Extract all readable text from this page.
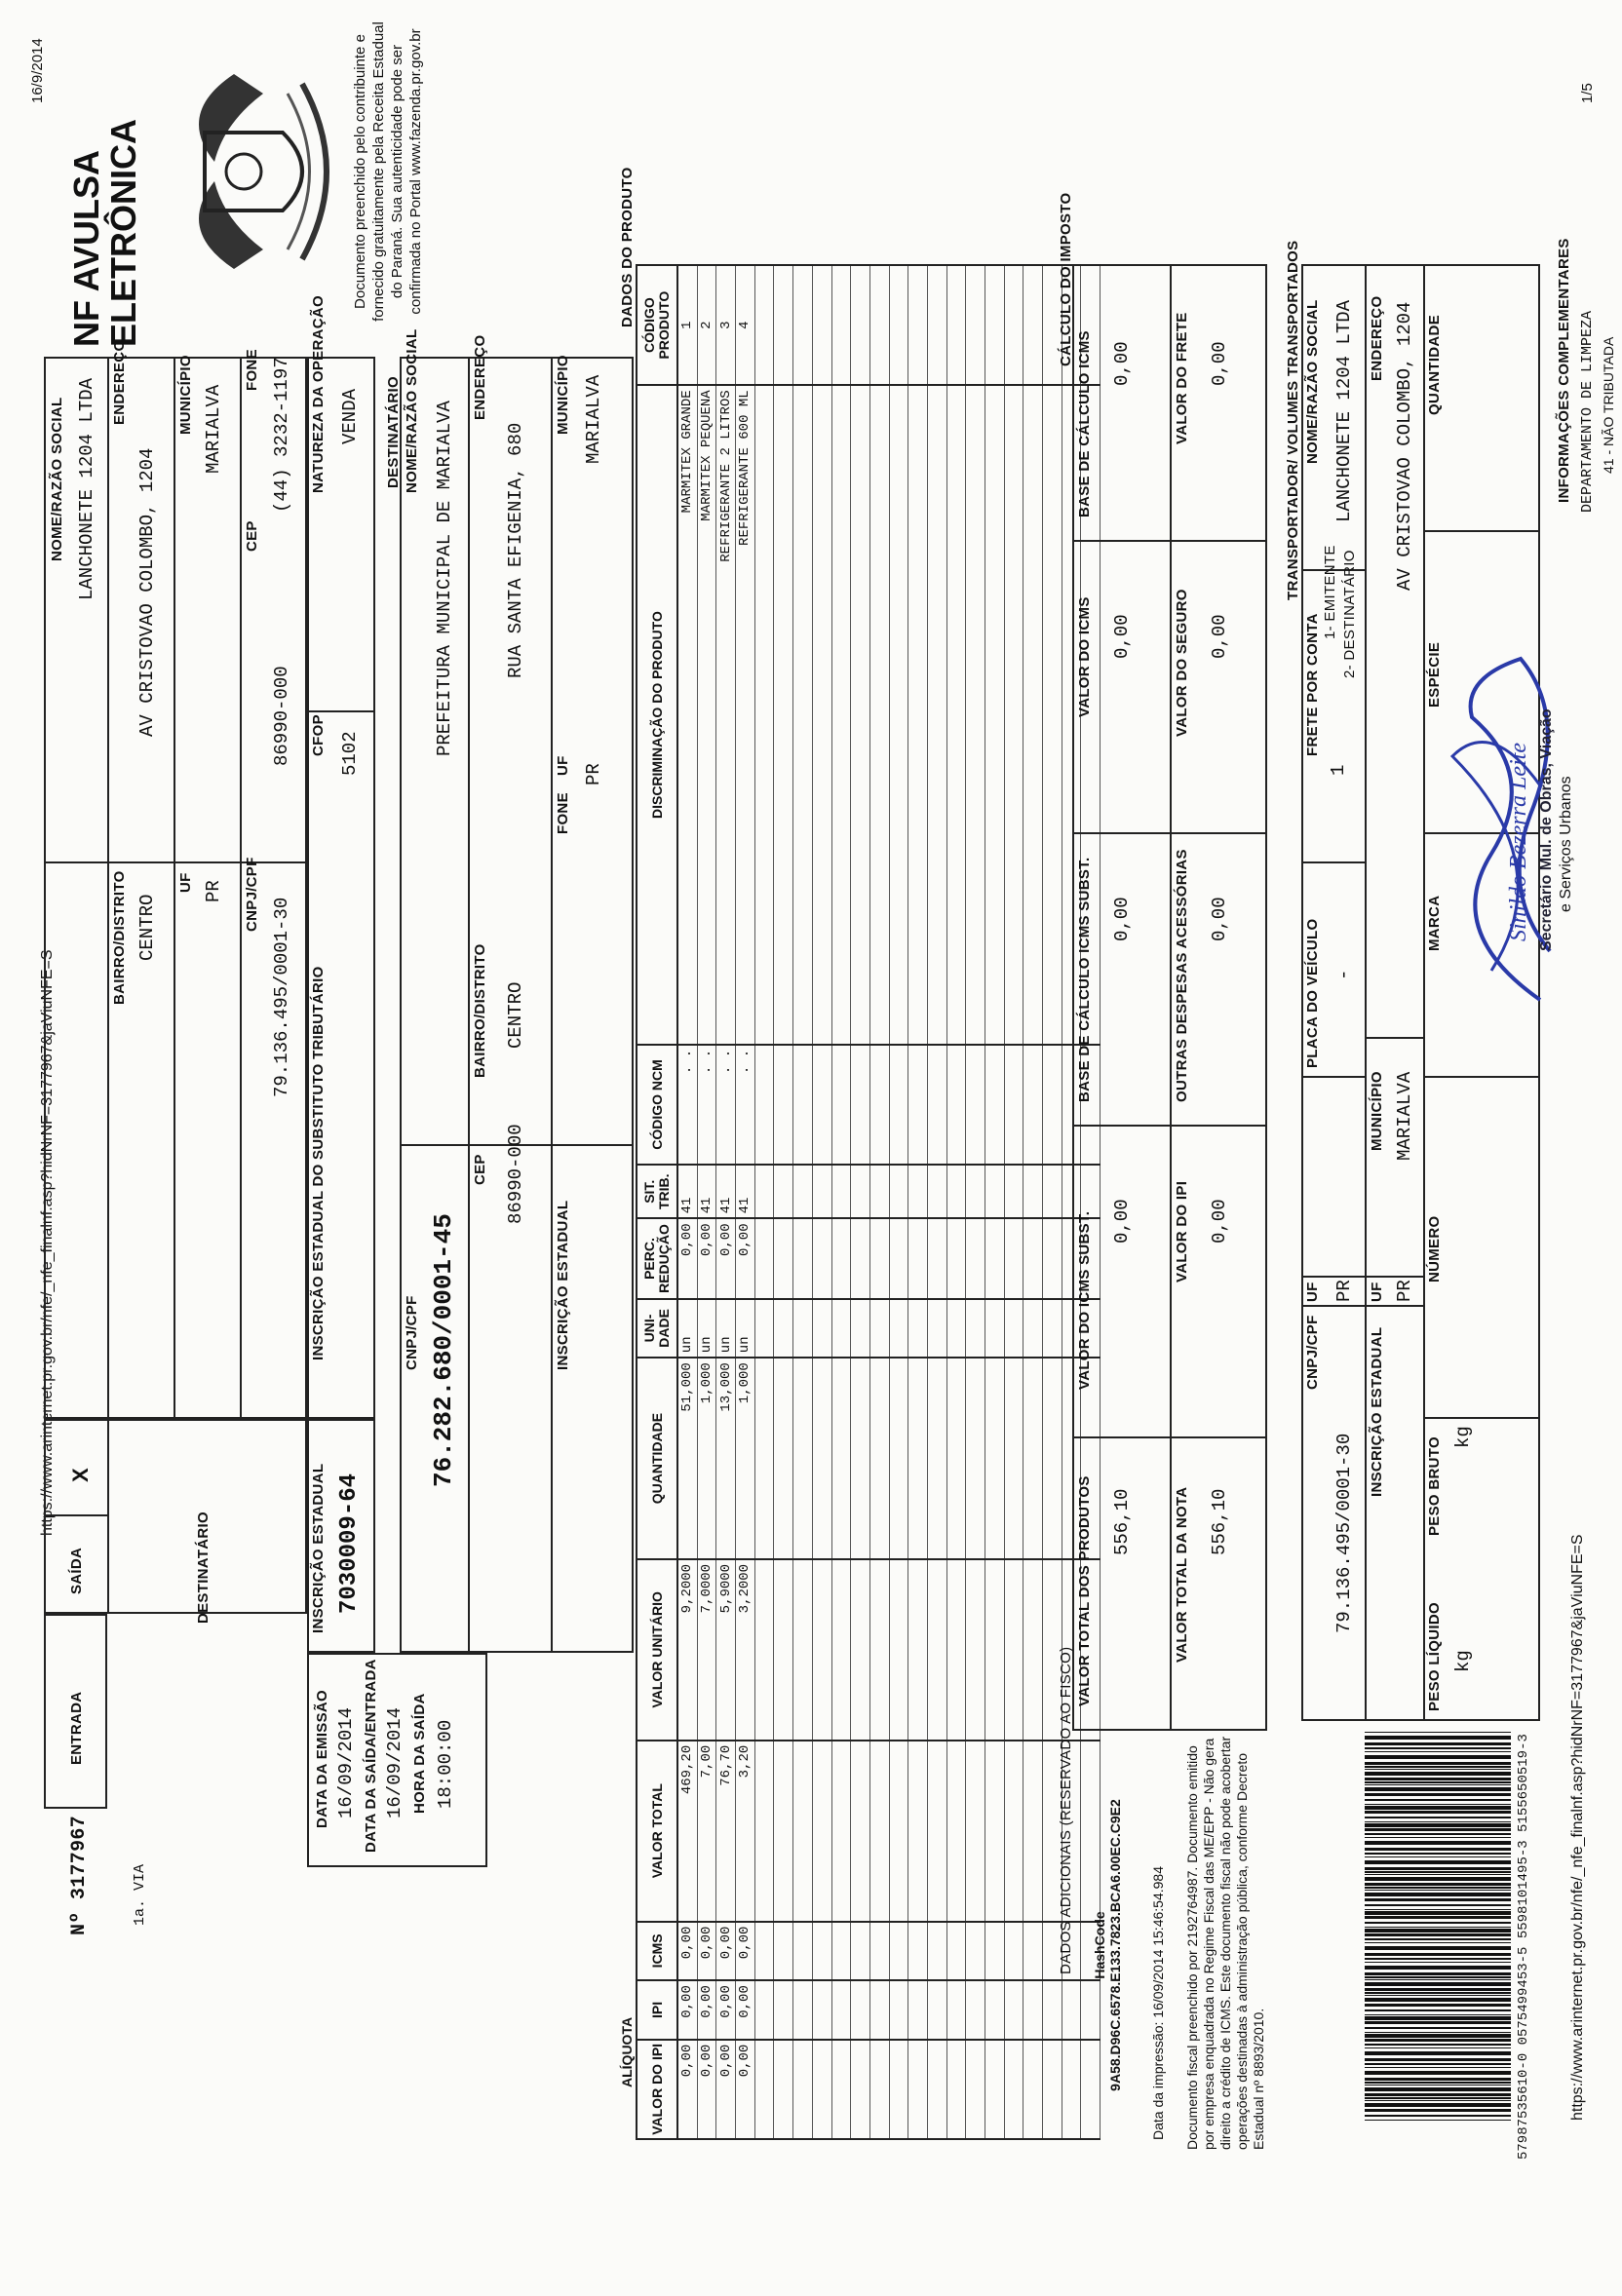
16/9/2014
https://www.arinternet.pr.gov.br/nfe/_nfe_finalnf.asp?hidNrNF=3177967&jaViuNFE=S
https://www.arinternet.pr.gov.br/nfe/_nfe_finalnf.asp?hidNrNF=3177967&jaViuNFE=S
1/5
NF AVULSA
ELETRÔNICA	Documento preenchido pelo contribuinte e fornecido gratuitamente pela Receita Estadual do Paraná. Sua autenticidade pode ser confirmada no Portal www.fazenda.pr.gov.br
NOME/RAZÃO SOCIAL LANCHONETE 1204 LTDA ENDEREÇO
AV CRISTOVAO COLOMBO, 1204
BAIRRO/DISTRITO CENTRO
MUNICÍPIO MARIALVA
UF PR
FONE (44) 3232-1197
CEP
86990-000
CNPJ/CPF
79.136.495/0001-30
X
SAÍDA
ENTRADA
Nº 3177967	1a. VIA
DESTINATÁRIO
NATUREZA DA OPERAÇÃO VENDA
CFOP 5102
INSCRIÇÃO ESTADUAL DO SUBSTITUTO TRIBUTÁRIO
INSCRIÇÃO ESTADUAL 7030009-64
DATA DA EMISSÃO 16/09/2014 DATA DA SAÍDA/ENTRADA 16/09/2014 HORA DA SAÍDA 18:00:00
DESTINATÁRIO NOME/RAZÃO SOCIAL PREFEITURA MUNICIPAL DE MARIALVA
CNPJ/CPF 76.282.680/0001-45
ENDEREÇO
RUA SANTA EFIGENIA, 680
BAIRRO/DISTRITO CENTRO
CEP 86990-000
MUNICÍPIO MARIALVA
UF PR
FONE
INSCRIÇÃO ESTADUAL
DADOS DO PRODUTO
VALOR DO IPI	IPI	ICMS	VALOR TOTAL	VALOR UNITÁRIO	QUANTIDADE	UNI- DADE	PERC. REDUÇÃO	SIT. TRIB.	CÓDIGO NCM	DISCRIMINAÇÃO DO PRODUTO	CÓDIGO PRODUTO
0,00	0,00	0,00	469,20	9,2000	51,000	un	0,00	41	. .	MARMITEX GRANDE	1
0,00	0,00	0,00	7,00	7,0000	1,000	un	0,00	41	. .	MARMITEX PEQUENA	2
0,00	0,00	0,00	76,70	5,9000	13,000	un	0,00	41	. .	REFRIGERANTE 2 LITROS	3
0,00	0,00	0,00	3,20	3,2000	1,000	un	0,00	41	. .	REFRIGERANTE 600 ML	4

ALÍQUOTA
CÁLCULO DO IMPOSTO
BASE DE CÁLCULO ICMS 0,00
VALOR DO ICMS 0,00
BASE DE CÁLCULO ICMS SUBST. 0,00
VALOR DO ICMS SUBST. 0,00
VALOR TOTAL DOS PRODUTOS 556,10
VALOR DO FRETE 0,00
VALOR DO SEGURO 0,00
OUTRAS DESPESAS ACESSÓRIAS 0,00
VALOR DO IPI 0,00
VALOR TOTAL DA NOTA 556,10
DADOS ADICIONAIS (RESERVADO AO FISCO) HashCode 9A58.D96C.6578.E133.7823.BCA6.00EC.C9E2 Data da impressão: 16/09/2014 15:46:54.984 Documento fiscal preenchido por 2192764987. Documento emitido por empresa enquadrada no Regime Fiscal das ME/EPP - Não gera direito a crédito de ICMS. Este documento fiscal não pode acobertar operações destinadas à administração pública, conforme Decreto Estadual nº 8893/2010.
TRANSPORTADOR/ VOLUMES TRANSPORTADOS NOME/RAZÃO SOCIAL LANCHONETE 1204 LTDA
FRETE POR CONTA
1- EMITENTE 2- DESTINATÁRIO
1
PLACA DO VEÍCULO -
UF PR
CNPJ/CPF
79.136.495/0001-30
ENDEREÇO AV CRISTOVAO COLOMBO, 1204
MUNICÍPIO MARIALVA
UF PR
INSCRIÇÃO ESTADUAL
QUANTIDADE
ESPÉCIE
MARCA
NÚMERO
PESO BRUTO kg
PESO LÍQUIDO kg
57987535610-0 0575499453-5 5598101495-3 5155650519-3
Sinildo Bezerra Leite Secretário Mul. de Obras, Viação e Serviços Urbanos
INFORMAÇÕES COMPLEMENTARES DEPARTAMENTO DE LIMPEZA 41 - NÃO TRIBUTADA
